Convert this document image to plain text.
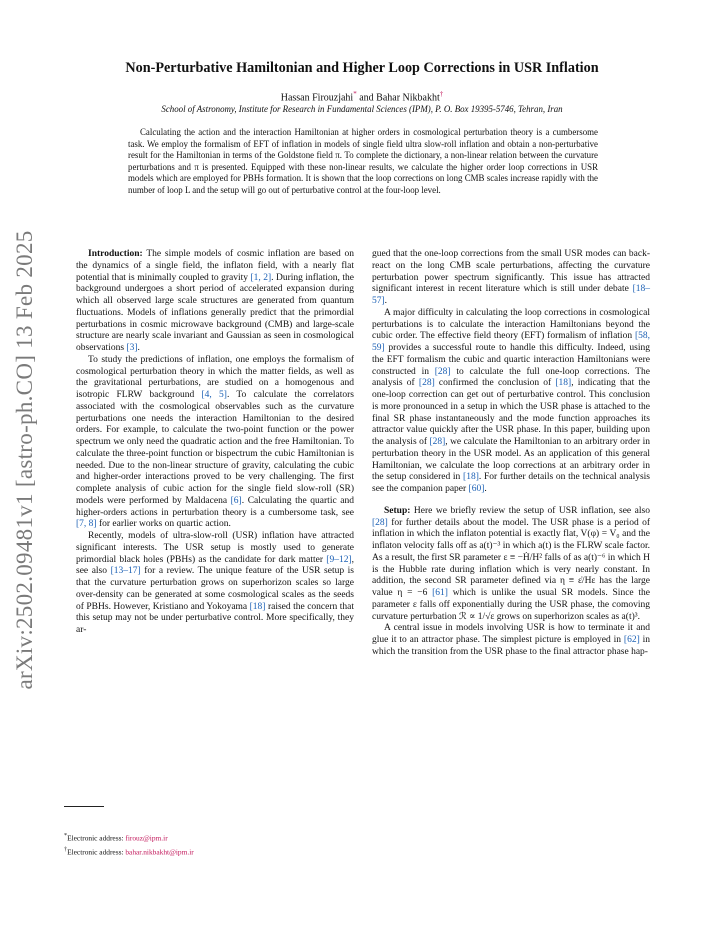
arXiv:2502.09481v1 [astro-ph.CO] 13 Feb 2025
Non-Perturbative Hamiltonian and Higher Loop Corrections in USR Inflation
Hassan Firouzjahi* and Bahar Nikbakht†
School of Astronomy, Institute for Research in Fundamental Sciences (IPM), P. O. Box 19395-5746, Tehran, Iran

Calculating the action and the interaction Hamiltonian at higher orders in cosmological perturbation theory is a cumbersome task. We employ the formalism of EFT of inflation in models of single field ultra slow-roll inflation and obtain a non-perturbative result for the Hamiltonian in terms of the Goldstone field π. To complete the dictionary, a non-linear relation between the curvature perturbations and π is presented. Equipped with these non-linear results, we calculate the higher order loop corrections in USR models which are employed for PBHs formation. It is shown that the loop corrections on long CMB scales increase rapidly with the number of loop L and the setup will go out of perturbative control at the four-loop level.

Introduction: The simple models of cosmic inflation are based on the dynamics of a single field, the inflaton field, with a nearly flat potential that is minimally coupled to gravity [1, 2]. During inflation, the background undergoes a short period of accelerated expansion during which all observed large scale structures are generated from quantum fluctuations. Models of inflations generally predict that the primordial perturbations in cosmic microwave background (CMB) and large-scale structure are nearly scale invariant and Gaussian as seen in cosmological observations [3].

To study the predictions of inflation, one employs the formalism of cosmological perturbation theory in which the matter fields, as well as the gravitational perturbations, are studied on a homogenous and isotropic FLRW background [4, 5]. To calculate the correlators associated with the cosmological observables such as the curvature perturbations one needs the interaction Hamiltonian to the desired orders. For example, to calculate the two-point function or the power spectrum we only need the quadratic action and the free Hamiltonian. To calculate the three-point function or bispectrum the cubic Hamiltonian is needed. Due to the non-linear structure of gravity, calculating the cubic and higher-order interactions proved to be very challenging. The first complete analysis of cubic action for the single field slow-roll (SR) models were performed by Maldacena [6]. Calculating the quartic and higher-orders actions in perturbation theory is a cumbersome task, see [7, 8] for earlier works on quartic action.

Recently, models of ultra-slow-roll (USR) inflation have attracted significant interests. The USR setup is mostly used to generate primordial black holes (PBHs) as the candidate for dark matter [9–12], see also [13–17] for a review. The unique feature of the USR setup is that the curvature perturbation grows on superhorizon scales so large over-density can be generated at some cosmological scales as the seeds of PBHs. However, Kristiano and Yokoyama [18] raised the concern that this setup may not be under perturbative control. More specifically, they ar-

gued that the one-loop corrections from the small USR modes can back-react on the long CMB scale perturbations, affecting the curvature perturbation power spectrum significantly. This issue has attracted significant interest in recent literature which is still under debate [18–57].

A major difficulty in calculating the loop corrections in cosmological perturbations is to calculate the interaction Hamiltonians beyond the cubic order. The effective field theory (EFT) formalism of inflation [58, 59] provides a successful route to handle this difficulty. Indeed, using the EFT formalism the cubic and quartic interaction Hamiltonians were constructed in [28] to calculate the full one-loop corrections. The analysis of [28] confirmed the conclusion of [18], indicating that the one-loop correction can get out of perturbative control. This conclusion is more pronounced in a setup in which the USR phase is attached to the final SR phase instantaneously and the mode function approaches its attractor value quickly after the USR phase. In this paper, building upon the analysis of [28], we calculate the Hamiltonian to an arbitrary order in perturbation theory in the USR model. As an application of this general Hamiltonian, we calculate the loop corrections at an arbitrary order in the setup considered in [18]. For further details on the technical analysis see the companion paper [60].

Setup: Here we briefly review the setup of USR inflation, see also [28] for further details about the model. The USR phase is a period of inflation in which the inflaton potential is exactly flat, V(φ) = V₀ and the inflaton velocity falls off as a(t)⁻³ in which a(t) is the FLRW scale factor. As a result, the first SR parameter ε ≡ −Ḣ/H² falls of as a(t)⁻⁶ in which H is the Hubble rate during inflation which is very nearly constant. In addition, the second SR parameter defined via η ≡ ε̇/Hε has the large value η = −6 [61] which is unlike the usual SR models. Since the parameter ε falls off exponentially during the USR phase, the comoving curvature perturbation ℛ ∝ 1/√ε grows on superhorizon scales as a(t)³.

A central issue in models involving USR is how to terminate it and glue it to an attractor phase. The simplest picture is employed in [62] in which the transition from the USR phase to the final attractor phase hap-

*Electronic address: firouz@ipm.ir
†Electronic address: bahar.nikbakht@ipm.ir
